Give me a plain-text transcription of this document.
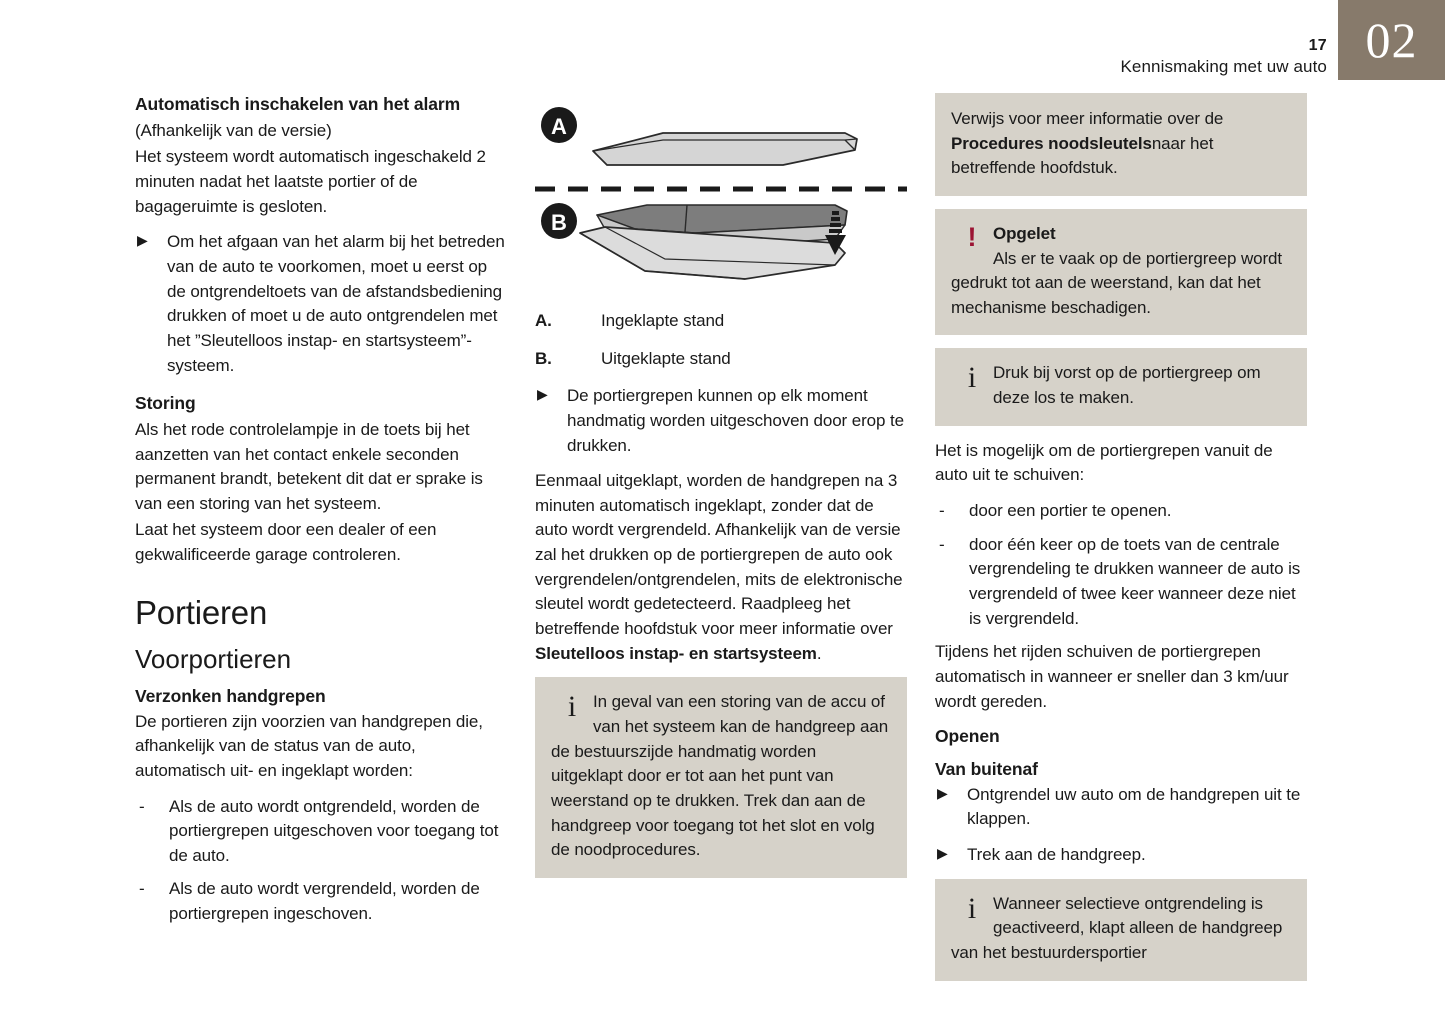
17
Kennismaking met uw auto 02
Automatisch inschakelen van het alarm

(Afhankelijk van de versie)

Het systeem wordt automatisch ingeschakeld 2 minuten nadat het laatste portier of de bagageruimte is gesloten.

▶	Om het afgaan van het alarm bij het betreden van de auto te voorkomen, moet u eerst op de ontgrendeltoets van de afstandsbediening drukken of moet u de auto ontgrendelen met het ”Sleutelloos instap- en startsysteem”-systeem.
Storing

Als het rode controlelampje in de toets bij het aanzetten van het contact enkele seconden permanent brandt, betekent dit dat er sprake is van een storing van het systeem.

Laat het systeem door een dealer of een gekwalificeerde garage controleren.

Portieren
Voorportieren
Verzonken handgrepen

De portieren zijn voorzien van handgrepen die, afhankelijk van de status van de auto, automatisch uit- en ingeklapt worden:

-	Als de auto wordt ontgrendeld, worden de portiergrepen uitgeschoven voor toegang tot de auto.
-	Als de auto wordt vergrendeld, worden de portiergrepen ingeschoven.
A
B
A.	Ingeklapte stand
B.	Uitgeklapte stand
▶	De portiergrepen kunnen op elk moment handmatig worden uitgeschoven door erop te drukken.

Eenmaal uitgeklapt, worden de handgrepen na 3 minuten automatisch ingeklapt, zonder dat de auto wordt vergrendeld. Afhankelijk van de versie zal het drukken op de portiergrepen de auto ook vergrendelen/ontgrendelen, mits de elektronische sleutel wordt gedetecteerd. Raadpleeg het betreffende hoofdstuk voor meer informatie over Sleutelloos instap- en startsysteem.

i In geval van een storing van de accu of van het systeem kan de handgreep aan de bestuurszijde handmatig worden uitgeklapt door er tot aan het punt van weerstand op te drukken. Trek dan aan de handgreep voor toegang tot het slot en volg de noodprocedures.
Verwijs voor meer informatie over de Procedures noodsleutelsnaar het betreffende hoofdstuk.
! Opgelet
Als er te vaak op de portiergreep wordt gedrukt tot aan de weerstand, kan dat het mechanisme beschadigen.
i Druk bij vorst op de portiergreep om deze los te maken.

Het is mogelijk om de portiergrepen vanuit de auto uit te schuiven:

-	door een portier te openen.
-	door één keer op de toets van de centrale vergrendeling te drukken wanneer de auto is vergrendeld of twee keer wanneer deze niet is vergrendeld.

Tijdens het rijden schuiven de portiergrepen automatisch in wanneer er sneller dan 3 km/uur wordt gereden.

Openen
Van buitenaf
▶	Ontgrendel uw auto om de handgrepen uit te klappen.
▶	Trek aan de handgreep.
i Wanneer selectieve ontgrendeling is geactiveerd, klapt alleen de handgreep van het bestuurdersportier
